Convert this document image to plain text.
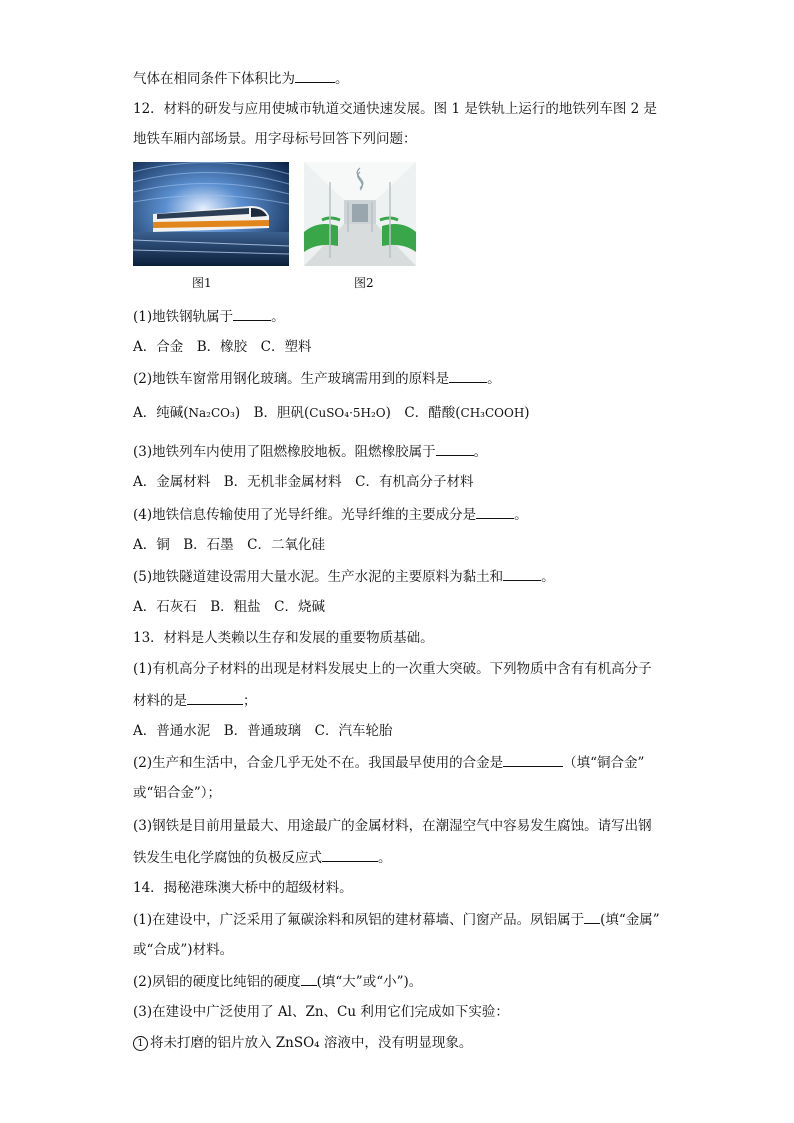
气体在相同条件下体积比为	。
12．材料的研发与应用使城市轨道交通快速发展。图 1 是铁轨上运行的地铁列车图 2 是
地铁车厢内部场景。用字母标号回答下列问题：
图1	图2
(1)地铁钢轨属于	。
A．合金　B．橡胶　C．塑料
(2)地铁车窗常用钢化玻璃。生产玻璃需用到的原料是	。
A．纯碱(Na₂CO₃)　B．胆矾(CuSO₄·5H₂O)　C．醋酸(CH₃COOH)
(3)地铁列车内使用了阻燃橡胶地板。阻燃橡胶属于	。
A．金属材料　B．无机非金属材料　C．有机高分子材料
(4)地铁信息传输使用了光导纤维。光导纤维的主要成分是	。
A．铜　B．石墨　C．二氧化硅
(5)地铁隧道建设需用大量水泥。生产水泥的主要原料为黏土和	。
A．石灰石　B．粗盐　C．烧碱
13．材料是人类赖以生存和发展的重要物质基础。
(1)有机高分子材料的出现是材料发展史上的一次重大突破。下列物质中含有有机高分子
材料的是	；
A．普通水泥　B．普通玻璃　C．汽车轮胎
(2)生产和生活中，合金几乎无处不在。我国最早使用的合金是	（填“铜合金”
或“铝合金”）；
(3)钢铁是目前用量最大、用途最广的金属材料，在潮湿空气中容易发生腐蚀。请写出钢
铁发生电化学腐蚀的负极反应式	。
14．揭秘港珠澳大桥中的超级材料。
(1)在建设中，广泛采用了氟碳涂料和夙铝的建材幕墙、门窗产品。夙铝属于 (填“金属”
或“合成”)材料。
(2)夙铝的硬度比纯铝的硬度 (填“大”或“小”)。
(3)在建设中广泛使用了 Al、Zn、Cu 利用它们完成如下实验：
1 将未打磨的铝片放入 ZnSO₄ 溶液中，没有明显现象。
